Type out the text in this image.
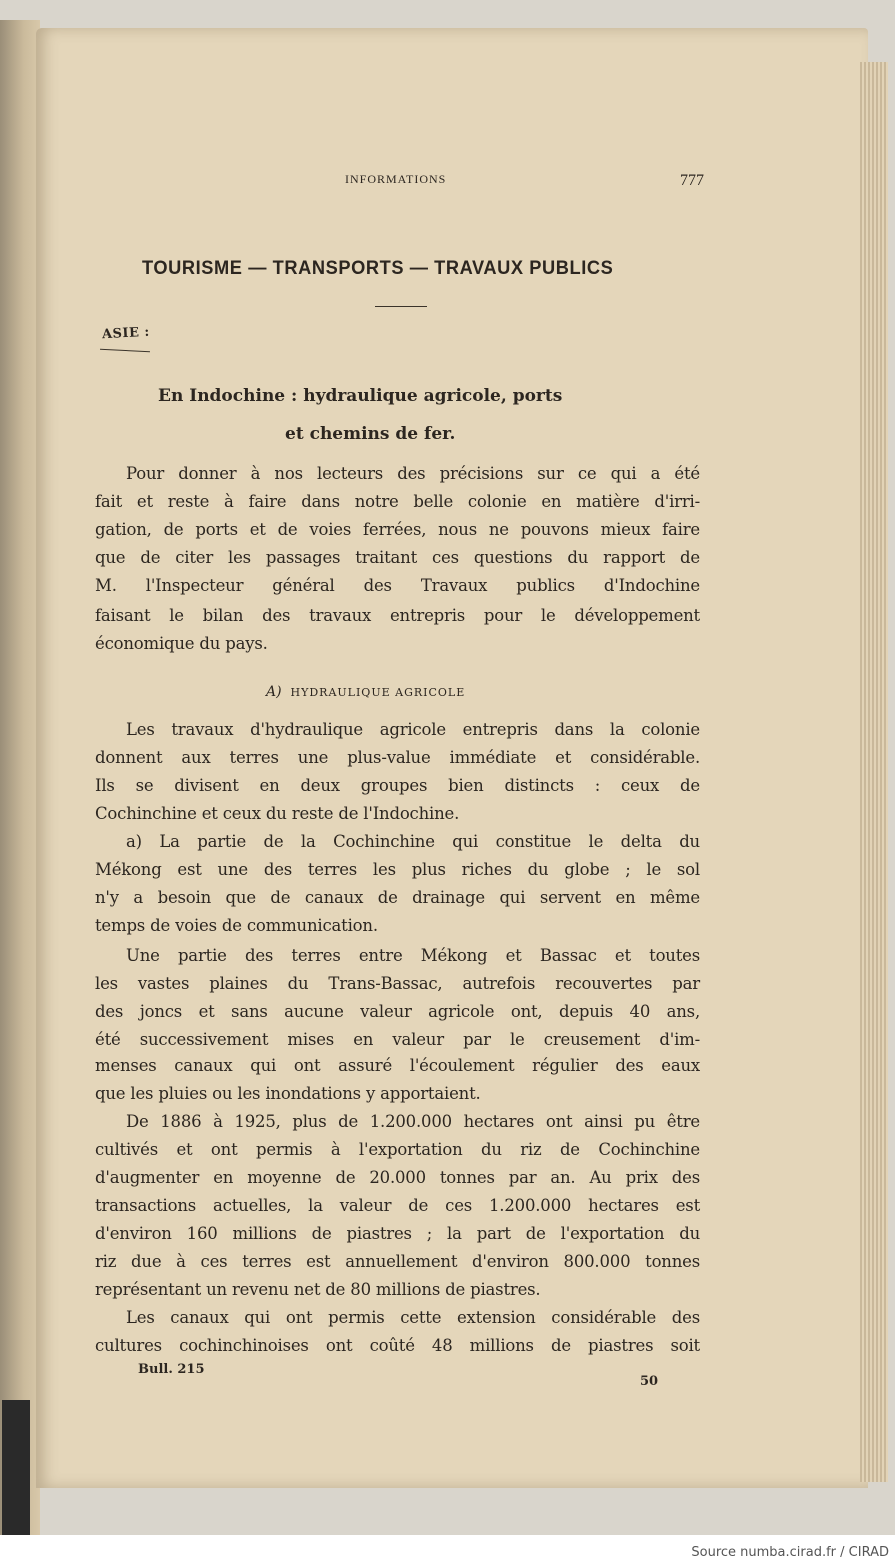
INFORMATIONS	777
TOURISME — TRANSPORTS — TRAVAUX PUBLICS
ASIE :
En Indochine : hydraulique agricole, ports
et chemins de fer.
A) HYDRAULIQUE AGRICOLE
Pour donner à nos lecteurs des précisions sur ce qui a été
fait et reste à faire dans notre belle colonie en matière d'irri-
gation, de ports et de voies ferrées, nous ne pouvons mieux faire
que de citer les passages traitant ces questions du rapport de
M. l'Inspecteur général des Travaux publics d'Indochine
faisant le bilan des travaux entrepris pour le développement
économique du pays.
Les travaux d'hydraulique agricole entrepris dans la colonie
donnent aux terres une plus-value immédiate et considérable.
Ils se divisent en deux groupes bien distincts : ceux de
Cochinchine et ceux du reste de l'Indochine.
a) La partie de la Cochinchine qui constitue le delta du
Mékong est une des terres les plus riches du globe ; le sol
n'y a besoin que de canaux de drainage qui servent en même
temps de voies de communication.
Une partie des terres entre Mékong et Bassac et toutes
les vastes plaines du Trans-Bassac, autrefois recouvertes par
des joncs et sans aucune valeur agricole ont, depuis 40 ans,
été successivement mises en valeur par le creusement d'im-
menses canaux qui ont assuré l'écoulement régulier des eaux
que les pluies ou les inondations y apportaient.
De 1886 à 1925, plus de 1.200.000 hectares ont ainsi pu être
cultivés et ont permis à l'exportation du riz de Cochinchine
d'augmenter en moyenne de 20.000 tonnes par an. Au prix des
transactions actuelles, la valeur de ces 1.200.000 hectares est
d'environ 160 millions de piastres ; la part de l'exportation du
riz due à ces terres est annuellement d'environ 800.000 tonnes
représentant un revenu net de 80 millions de piastres.
Les canaux qui ont permis cette extension considérable des
cultures cochinchinoises ont coûté 48 millions de piastres soit
Bull. 215
50
Source numba.cirad.fr / CIRAD
